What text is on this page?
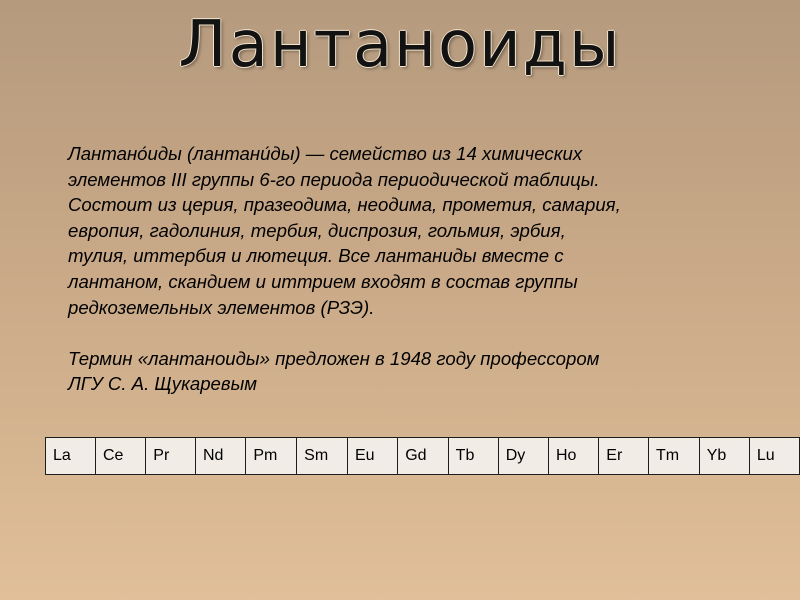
Лантаноиды
Лантано́иды (лантани́ды) — семейство из 14 химических
элементов III группы 6-го периода периодической таблицы.
Состоит из церия, празеодима, неодима, прометия, самария,
европия, гадолиния, тербия, диспрозия, гольмия, эрбия,
тулия, иттербия и лютеция. Все лантаниды вместе с
лантаном, скандием и иттрием входят в состав группы
редкоземельных элементов (РЗЭ).
Термин «лантаноиды» предложен в 1948 году профессором
ЛГУ С. А. Щукаревым
La	Ce	Pr	Nd	Pm	Sm	Eu	Gd	Tb	Dy	Ho	Er	Tm	Yb	Lu
